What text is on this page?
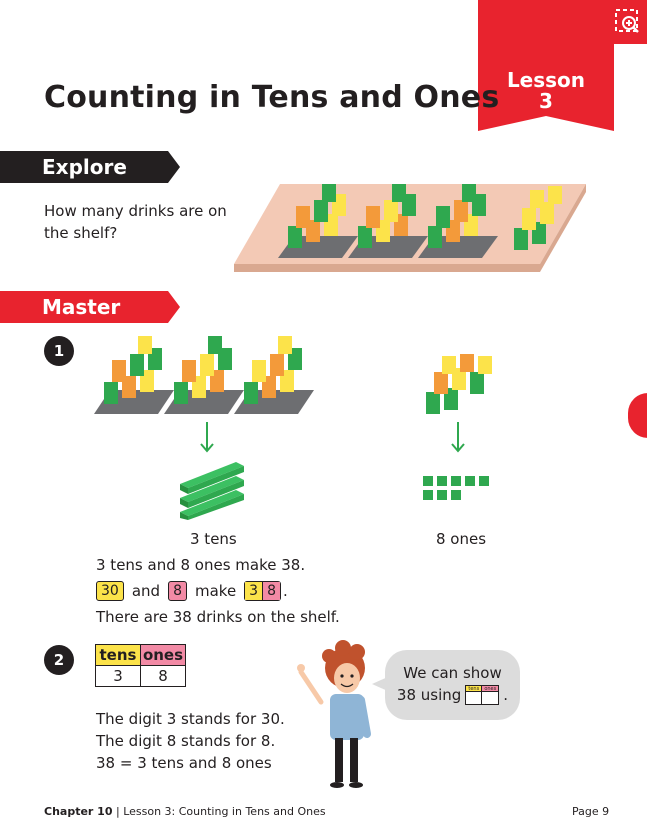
Lesson
3
Counting in Tens and Ones
Explore
How many drinks are on
the shelf?
Master
1
3 tens	8 ones
3 tens and 8 ones make 38.
30 and 8 make 3 8 .
There are 38 drinks on the shelf.
2	tens	ones
3	8
The digit 3 stands for 30.
The digit 8 stands for 8.
38 = 3 tens and 8 ones
We can show
38 using	tens	ones .
Chapter 10 | Lesson 3: Counting in Tens and Ones	Page 9
